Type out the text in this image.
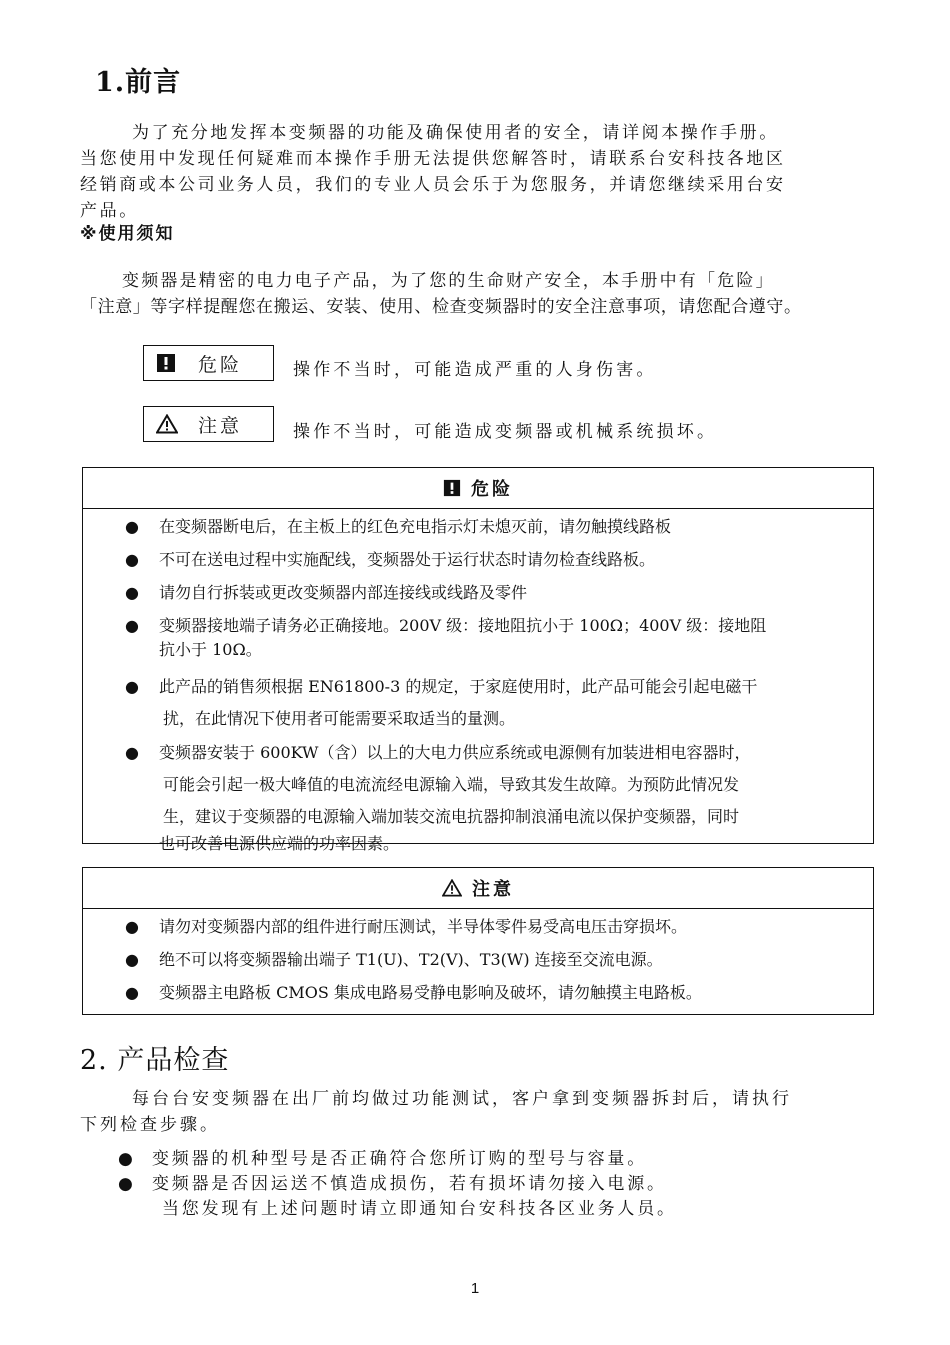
1.前言

为了充分地发挥本变频器的功能及确保使用者的安全，请详阅本操作手册。
当您使用中发现任何疑难而本操作手册无法提供您解答时，请联系台安科技各地区
经销商或本公司业务人员，我们的专业人员会乐于为您服务，并请您继续采用台安
产品。

※使用须知

变频器是精密的电力电子产品，为了您的生命财产安全，本手册中有「危险」
「注意」等字样提醒您在搬运、安装、使用、检查变频器时的安全注意事项，请您配合遵守。

危险	操作不当时，可能造成严重的人身伤害。
注意	操作不当时，可能造成变频器或机械系统损坏。
危险
● 在变频器断电后，在主板上的红色充电指示灯未熄灭前，请勿触摸线路板
● 不可在送电过程中实施配线，变频器处于运行状态时请勿检查线路板。
● 请勿自行拆装或更改变频器内部连接线或线路及零件
● 变频器接地端子请务必正确接地。200V 级：接地阻抗小于 100Ω；400V 级：接地阻
抗小于 10Ω。
● 此产品的销售须根据 EN61800-3 的规定，于家庭使用时，此产品可能会引起电磁干
扰，在此情况下使用者可能需要采取适当的量测。
● 变频器安装于 600KW（含）以上的大电力供应系统或电源侧有加装进相电容器时，
可能会引起一极大峰值的电流流经电源输入端，导致其发生故障。为预防此情况发
生，建议于变频器的电源输入端加装交流电抗器抑制浪涌电流以保护变频器，同时
也可改善电源供应端的功率因素。
注意
● 请勿对变频器内部的组件进行耐压测试，半导体零件易受高电压击穿损坏。
● 绝不可以将变频器输出端子 T1(U)、T2(V)、T3(W) 连接至交流电源。
● 变频器主电路板 CMOS 集成电路易受静电影响及破坏，请勿触摸主电路板。
2. 产品检查

每台台安变频器在出厂前均做过功能测试，客户拿到变频器拆封后，请执行
下列检查步骤。

● 变频器的机种型号是否正确符合您所订购的型号与容量。
● 变频器是否因运送不慎造成损伤，若有损坏请勿接入电源。
当您发现有上述问题时请立即通知台安科技各区业务人员。
1
